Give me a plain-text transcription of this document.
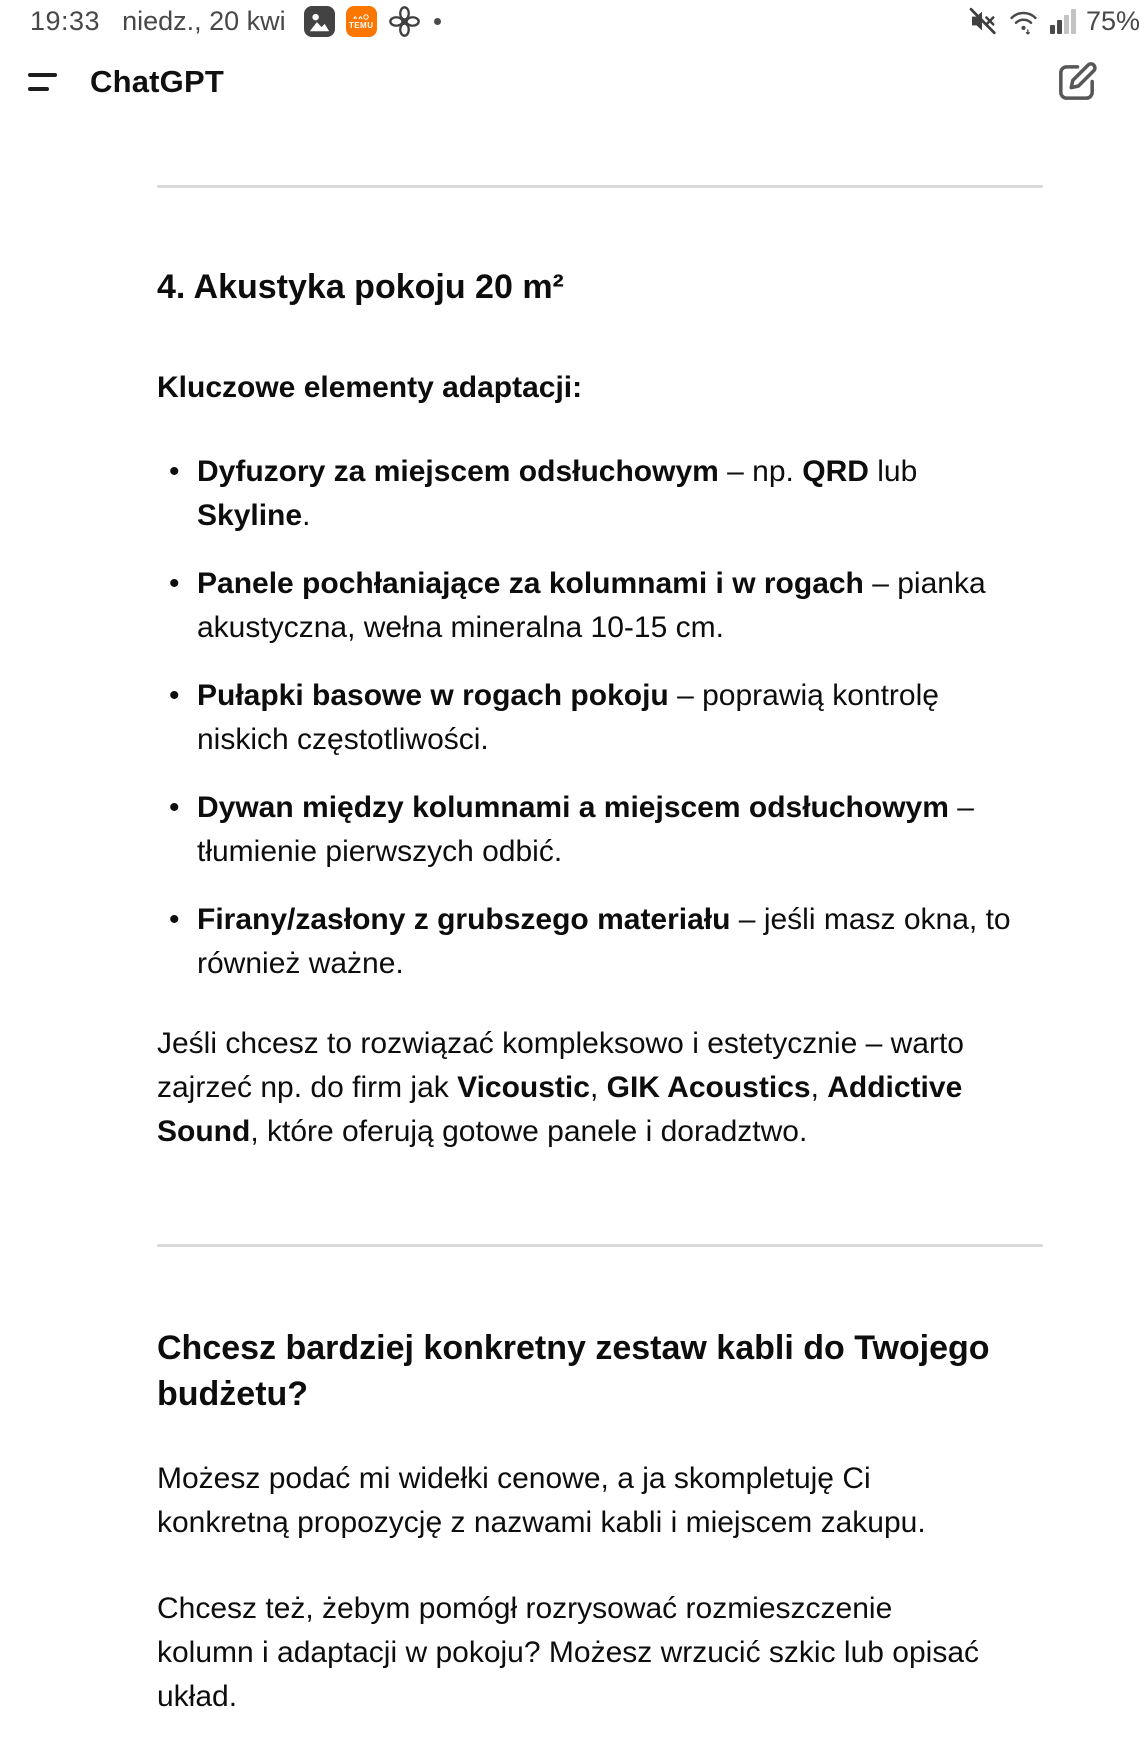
19:33 niedz., 20 kwi	TEMU	75%
ChatGPT
4. Akustyka pokoju 20 m²

Kluczowe elementy adaptacji:

• Dyfuzory za miejscem odsłuchowym – np. QRD lub
Skyline.
• Panele pochłaniające za kolumnami i w rogach – pianka
akustyczna, wełna mineralna 10-15 cm.
• Pułapki basowe w rogach pokoju – poprawią kontrolę
niskich częstotliwości.
• Dywan między kolumnami a miejscem odsłuchowym –
tłumienie pierwszych odbić.
• Firany/zasłony z grubszego materiału – jeśli masz okna, to
również ważne.

Jeśli chcesz to rozwiązać kompleksowo i estetycznie – warto
zajrzeć np. do firm jak Vicoustic, GIK Acoustics, Addictive
Sound, które oferują gotowe panele i doradztwo.

Chcesz bardziej konkretny zestaw kabli do Twojego
budżetu?

Możesz podać mi widełki cenowe, a ja skompletuję Ci
konkretną propozycję z nazwami kabli i miejscem zakupu.

Chcesz też, żebym pomógł rozrysować rozmieszczenie
kolumn i adaptacji w pokoju? Możesz wrzucić szkic lub opisać
układ.
